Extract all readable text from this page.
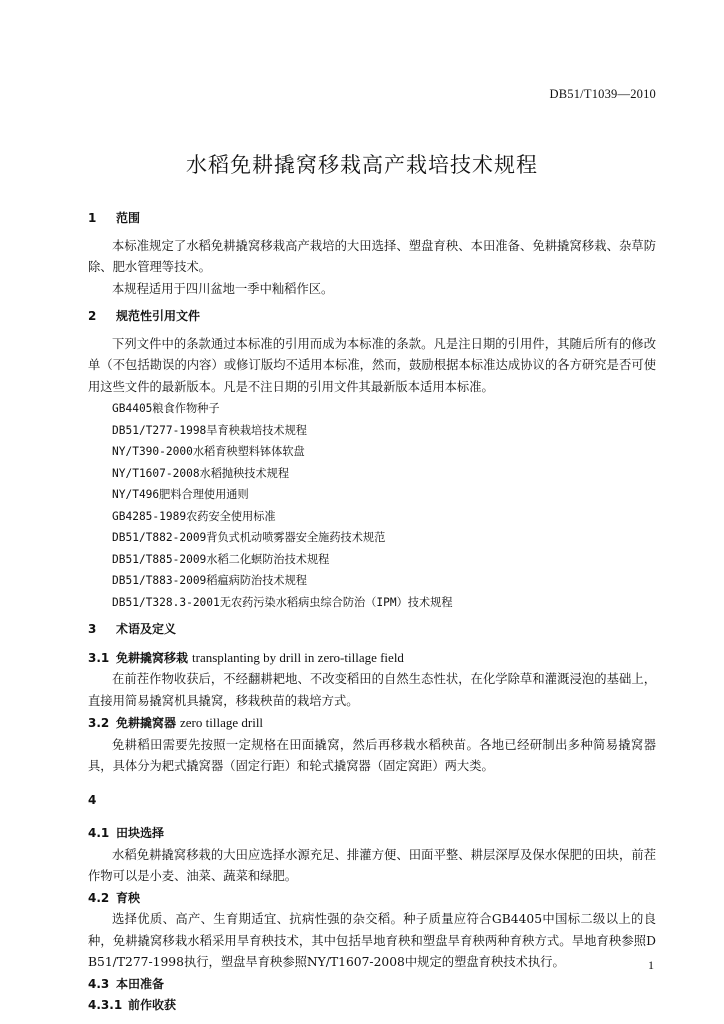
DB51/T1039—2010
水稻免耕撬窝移栽高产栽培技术规程

1 范围

本标准规定了水稻免耕撬窝移栽高产栽培的大田选择、塑盘育秧、本田准备、免耕撬窝移栽、杂草防除、肥水管理等技术。

本规程适用于四川盆地一季中籼稻作区。

2 规范性引用文件

下列文件中的条款通过本标准的引用而成为本标准的条款。凡是注日期的引用件，其随后所有的修改单（不包括勘误的内容）或修订版均不适用本标准，然而，鼓励根据本标准达成协议的各方研究是否可使用这些文件的最新版本。凡是不注日期的引用文件其最新版本适用本标准。

GB4405粮食作物种子

DB51/T277-1998旱育秧栽培技术规程

NY/T390-2000水稻育秧塑料钵体软盘

NY/T1607-2008水稻抛秧技术规程

NY/T496肥料合理使用通则

GB4285-1989农药安全使用标准

DB51/T882-2009背负式机动喷雾器安全施药技术规范

DB51/T885-2009水稻二化螟防治技术规程

DB51/T883-2009稻瘟病防治技术规程

DB51/T328.3-2001无农药污染水稻病虫综合防治（IPM）技术规程

3 术语及定义

3.1 免耕撬窝移栽 transplanting by drill in zero-tillage field

在前茬作物收获后，不经翻耕耙地、不改变稻田的自然生态性状，在化学除草和灌溉浸泡的基础上，直接用简易撬窝机具撬窝，移栽秧苗的栽培方式。

3.2 免耕撬窝器 zero tillage drill

免耕稻田需要先按照一定规格在田面撬窝，然后再移栽水稻秧苗。各地已经研制出多种简易撬窝器具，具体分为耙式撬窝器（固定行距）和轮式撬窝器（固定窝距）两大类。

4

4.1 田块选择

水稻免耕撬窝移栽的大田应选择水源充足、排灌方便、田面平整、耕层深厚及保水保肥的田块，前茬作物可以是小麦、油菜、蔬菜和绿肥。

4.2 育秧

选择优质、高产、生育期适宜、抗病性强的杂交稻。种子质量应符合GB4405中国标二级以上的良种，免耕撬窝移栽水稻采用旱育秧技术，其中包括旱地育秧和塑盘旱育秧两种育秧方式。旱地育秧参照DB51/T277-1998执行，塑盘旱育秧参照NY/T1607-2008中规定的塑盘育秧技术执行。

4.3 本田准备

4.3.1 前作收获

1
